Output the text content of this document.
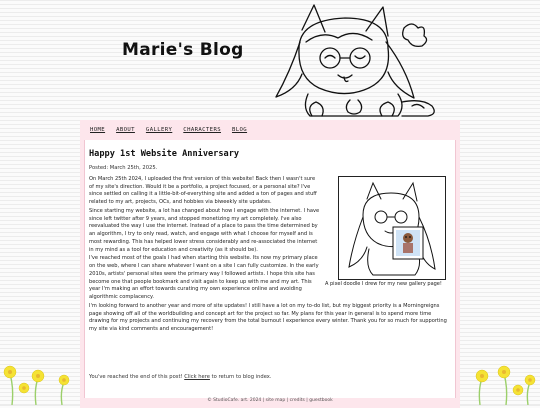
Marie's Blog
HOME ABOUT GALLERY CHARACTERS BLOG
Happy 1st Website Anniversary
Posted: March 25th, 2025.
A pixel doodle I drew for my new gallery page!

On March 25th 2024, I uploaded the first version of this website! Back then I wasn't sure of my site's direction. Would it be a portfolio, a project focused, or a personal site? I've since settled on calling it a little-bit-of-everything site and added a ton of pages and stuff related to my art, projects, OCs, and hobbies via biweekly site updates.

Since starting my website, a lot has changed about how I engage with the internet. I have since left twitter after 9 years, and stopped monetizing my art completely. I've also reevaluated the way I use the internet. Instead of a place to pass the time determined by an algorithm, I try to only read, watch, and engage with what I choose for myself and is most rewarding. This has helped lower stress considerably and re-associated the internet in my mind as a tool for education and creativity (as it should be).

I've reached most of the goals I had when starting this website. Its now my primary place on the web, where I can share whatever I want on a site I can fully customize. In the early 2010s, artists' personal sites were the primary way I followed artists. I hope this site has become one that people bookmark and visit again to keep up with me and my art. This year I'm making an effort towards curating my own experience online and avoiding algorithmic complacency.

I'm looking forward to another year and more of site updates! I still have a lot on my to-do list, but my biggest priority is a Morningreigns page showing off all of the worldbuilding and concept art for the project so far. My plans for this year in general is to spend more time drawing for my projects and continuing my recovery from the total burnout I experience every winter. Thank you for so much for supporting my site via kind comments and encouragement!

You've reached the end of this post! Click here to return to blog index.
© StudioCafe. art. 2024 | site map | credits | guestbook
